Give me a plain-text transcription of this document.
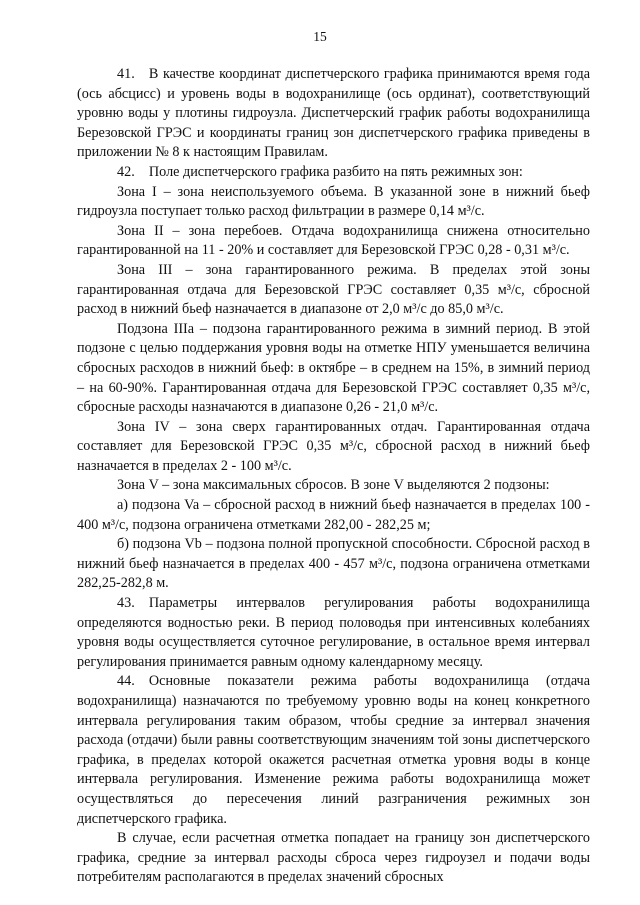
15

41. В качестве координат диспетчерского графика принимаются время года (ось абсцисс) и уровень воды в водохранилище (ось ординат), соответствующий уровню воды у плотины гидроузла. Диспетчерский график работы водохранилища Березовской ГРЭС и координаты границ зон диспетчерского графика приведены в приложении № 8 к настоящим Правилам.

42. Поле диспетчерского графика разбито на пять режимных зон:

Зона I – зона неиспользуемого объема. В указанной зоне в нижний бьеф гидроузла поступает только расход фильтрации в размере 0,14 м³/с.

Зона II – зона перебоев. Отдача водохранилища снижена относительно гарантированной на 11 - 20% и составляет для Березовской ГРЭС 0,28 - 0,31 м³/с.

Зона III – зона гарантированного режима. В пределах этой зоны гарантированная отдача для Березовской ГРЭС составляет 0,35 м³/с, сбросной расход в нижний бьеф назначается в диапазоне от 2,0 м³/с до 85,0 м³/с.

Подзона IIIa – подзона гарантированного режима в зимний период. В этой подзоне с целью поддержания уровня воды на отметке НПУ уменьшается величина сбросных расходов в нижний бьеф: в октябре – в среднем на 15%, в зимний период – на 60-90%. Гарантированная отдача для Березовской ГРЭС составляет 0,35 м³/с, сбросные расходы назначаются в диапазоне 0,26 - 21,0 м³/с.

Зона IV – зона сверх гарантированных отдач. Гарантированная отдача составляет для Березовской ГРЭС 0,35 м³/с, сбросной расход в нижний бьеф назначается в пределах 2 - 100 м³/с.

Зона V – зона максимальных сбросов. В зоне V выделяются 2 подзоны:

а) подзона Va – сбросной расход в нижний бьеф назначается в пределах 100 - 400 м³/с, подзона ограничена отметками 282,00 - 282,25 м;

б) подзона Vb – подзона полной пропускной способности. Сбросной расход в нижний бьеф назначается в пределах 400 - 457 м³/с, подзона ограничена отметками 282,25-282,8 м.

43. Параметры интервалов регулирования работы водохранилища определяются водностью реки. В период половодья при интенсивных колебаниях уровня воды осуществляется суточное регулирование, в остальное время интервал регулирования принимается равным одному календарному месяцу.

44. Основные показатели режима работы водохранилища (отдача водохранилища) назначаются по требуемому уровню воды на конец конкретного интервала регулирования таким образом, чтобы средние за интервал значения расхода (отдачи) были равны соответствующим значениям той зоны диспетчерского графика, в пределах которой окажется расчетная отметка уровня воды в конце интервала регулирования. Изменение режима работы водохранилища может осуществляться до пересечения линий разграничения режимных зон диспетчерского графика.

В случае, если расчетная отметка попадает на границу зон диспетчерского графика, средние за интервал расходы сброса через гидроузел и подачи воды потребителям располагаются в пределах значений сбросных
